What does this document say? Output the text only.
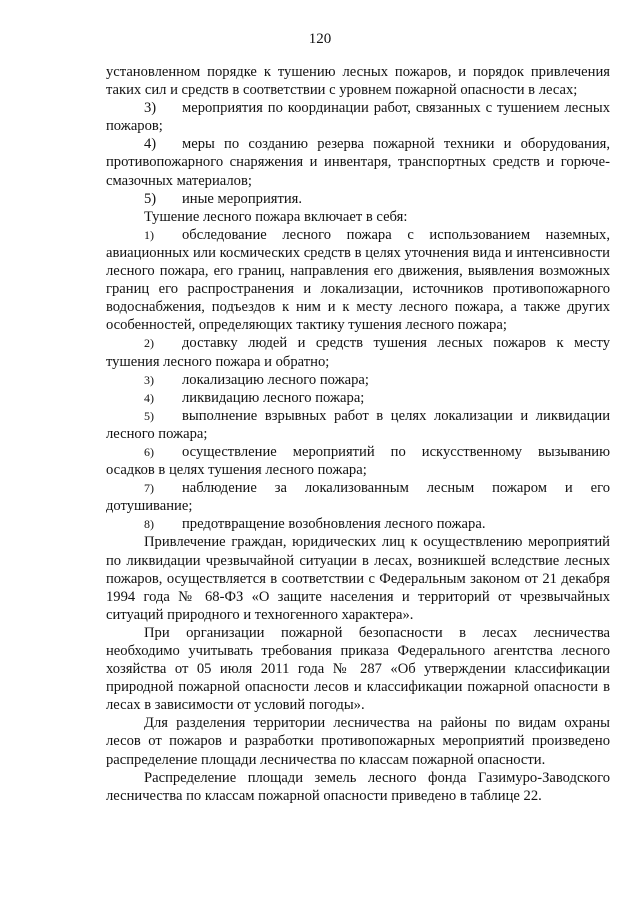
120

установленном порядке к тушению лесных пожаров, и порядок привлечения таких сил и средств в соответствии с уровнем пожарной опасности в лесах;

3) мероприятия по координации работ, связанных с тушением лесных пожаров;

4) меры по созданию резерва пожарной техники и оборудования, противопожарного снаряжения и инвентаря, транспортных средств и горюче-смазочных материалов;

5) иные мероприятия.

Тушение лесного пожара включает в себя:

1) обследование лесного пожара с использованием наземных, авиационных или космических средств в целях уточнения вида и интенсивности лесного пожара, его границ, направления его движения, выявления возможных границ его распространения и локализации, источников противопожарного водоснабжения, подъездов к ним и к месту лесного пожара, а также других особенностей, определяющих тактику тушения лесного пожара;

2) доставку людей и средств тушения лесных пожаров к месту тушения лесного пожара и обратно;

3) локализацию лесного пожара;

4) ликвидацию лесного пожара;

5) выполнение взрывных работ в целях локализации и ликвидации лесного пожара;

6) осуществление мероприятий по искусственному вызыванию осадков в целях тушения лесного пожара;

7) наблюдение за локализованным лесным пожаром и его дотушивание;

8) предотвращение возобновления лесного пожара.

Привлечение граждан, юридических лиц к осуществлению мероприятий по ликвидации чрезвычайной ситуации в лесах, возникшей вследствие лесных пожаров, осуществляется в соответствии с Федеральным законом от 21 декабря 1994 года № 68-ФЗ «О защите населения и территорий от чрезвычайных ситуаций природного и техногенного характера».

При организации пожарной безопасности в лесах лесничества необходимо учитывать требования приказа Федерального агентства лесного хозяйства от 05 июля 2011 года № 287 «Об утверждении классификации природной пожарной опасности лесов и классификации пожарной опасности в лесах в зависимости от условий погоды».

Для разделения территории лесничества на районы по видам охраны лесов от пожаров и разработки противопожарных мероприятий произведено распределение площади лесничества по классам пожарной опасности.

Распределение площади земель лесного фонда Газимуро-Заводского лесничества по классам пожарной опасности приведено в таблице 22.
